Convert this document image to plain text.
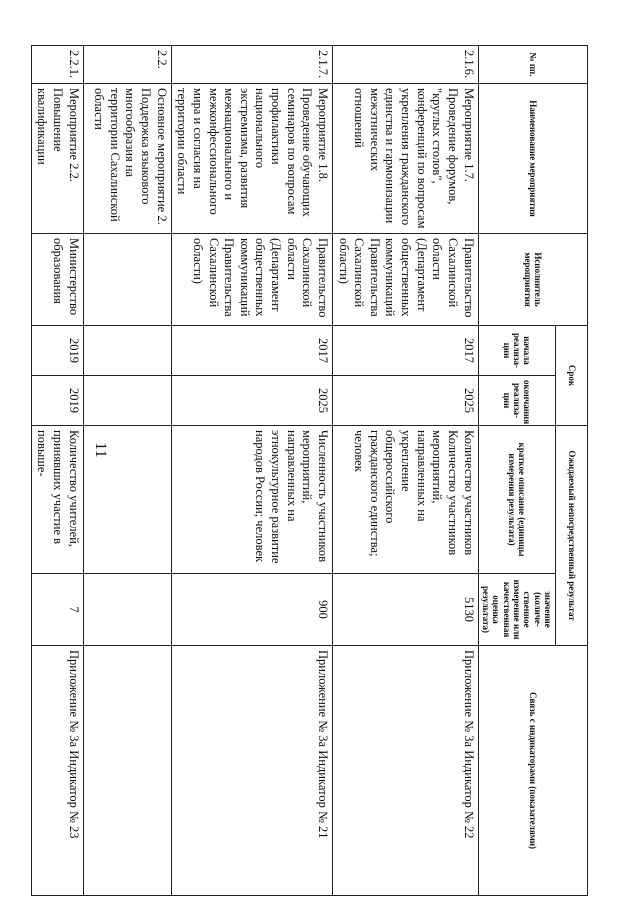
11
№ пп.	Наименование мероприятия	Исполнитель мероприятия	Срок		Ожидаемый непосредственный результат		Связь с индикаторами (показателями)
			начала реализа-ции	окончания реализа-ции	краткое описание (единицы измерения результата)	значение (количе-ственное измерение или качественная оценка результата)	
2.1.6.	Мероприятие 1.7. Проведение форумов, "круглых столов", конференций по вопросам укрепления гражданского единства и гармонизации межэтнических отношений	Правительство Сахалинской области (Департамент общественных коммуникаций Правительства Сахалинской области)	2017	2025	Количество участников Количество участников мероприятий, направленных на укрепление общероссийского гражданского единства; человек	5130	Приложение № 3а Индикатор № 22
2.1.7.	Мероприятие 1.8. Проведение обучающих семинаров по вопросам профилактики национального экстремизма, развития межнационального и межконфессионального мира и согласия на территории области	Правительство Сахалинской области (Департамент общественных коммуникаций Правительства Сахалинской области)	2017	2025	Численность участников мероприятий, направленных на этнокультурное развитие народов России; человек	900	Приложение № 3а Индикатор № 21
2.2.	Основное мероприятие 2. Поддержка языкового многообразия на территории Сахалинской области						
2.2.1.	Мероприятие 2.2. Повышение квалификации	Министерство образования	2019	2019	Количество учителей, принявших участие в повыше-	7	Приложение № 3а Индикатор № 23
